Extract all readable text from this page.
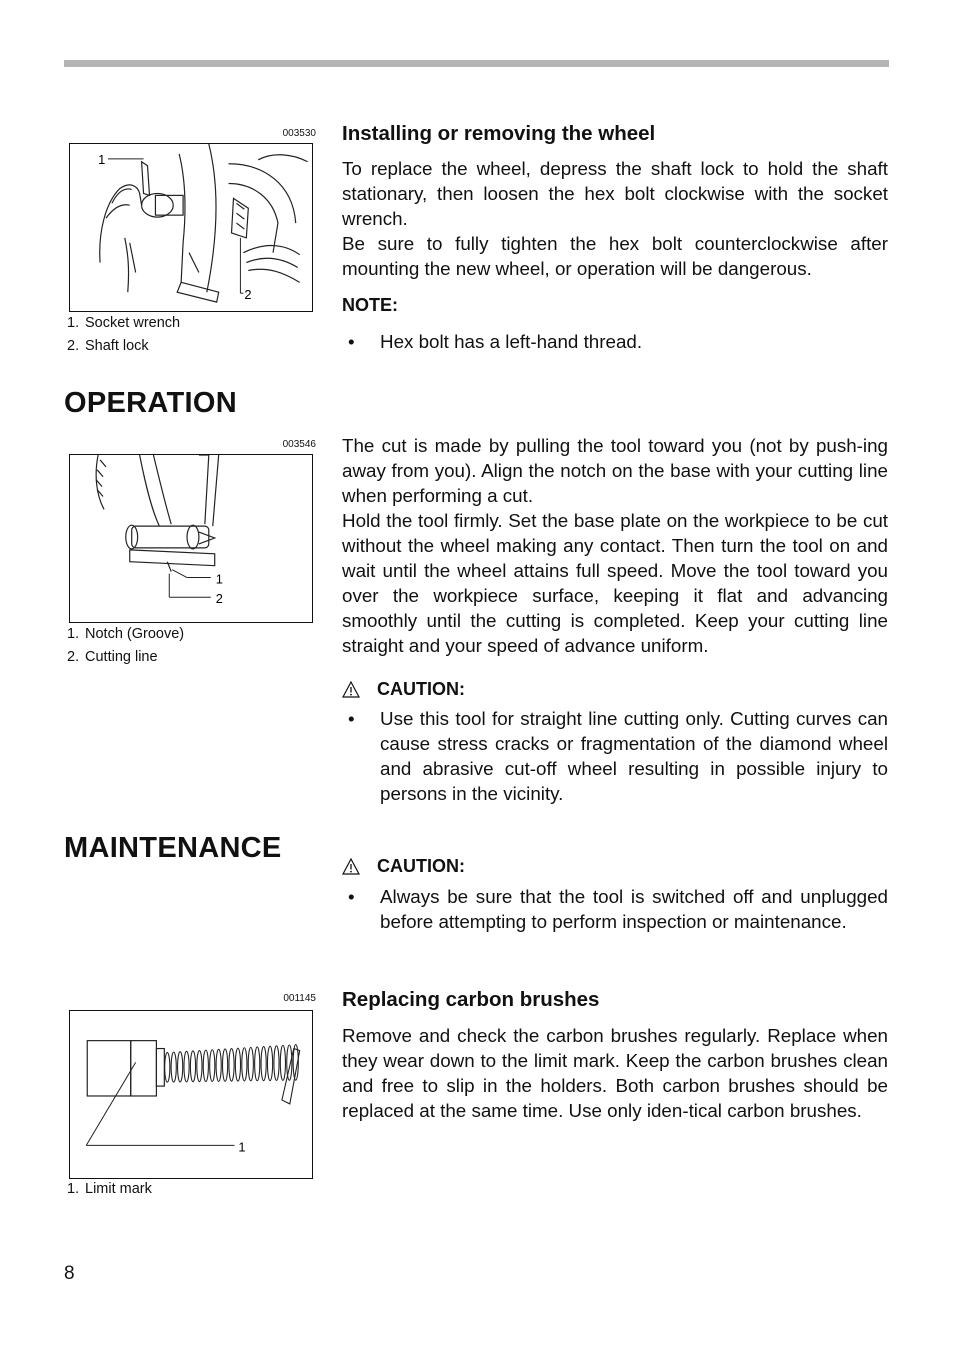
003530
1
2
1. Socket wrench
2. Shaft lock
Installing or removing the wheel
To replace the wheel, depress the shaft lock to hold the shaft stationary, then loosen the hex bolt clockwise with the socket wrench.
Be sure to fully tighten the hex bolt counterclockwise after mounting the new wheel, or operation will be dangerous.
NOTE:
• Hex bolt has a left-hand thread.
OPERATION
003546
1
2
1. Notch (Groove)
2. Cutting line
The cut is made by pulling the tool toward you (not by push-ing away from you). Align the notch on the base with your cutting line when performing a cut.
Hold the tool firmly. Set the base plate on the workpiece to be cut without the wheel making any contact. Then turn the tool on and wait until the wheel attains full speed. Move the tool toward you over the workpiece surface, keeping it flat and advancing smoothly until the cutting is completed. Keep your cutting line straight and your speed of advance uniform.
CAUTION:
• Use this tool for straight line cutting only. Cutting curves can cause stress cracks or fragmentation of the diamond wheel and abrasive cut-off wheel resulting in possible injury to persons in the vicinity.
MAINTENANCE
CAUTION:
• Always be sure that the tool is switched off and unplugged before attempting to perform inspection or maintenance.
001145
1
1. Limit mark
Replacing carbon brushes
Remove and check the carbon brushes regularly. Replace when they wear down to the limit mark. Keep the carbon brushes clean and free to slip in the holders. Both carbon brushes should be replaced at the same time. Use only iden-tical carbon brushes.
8
